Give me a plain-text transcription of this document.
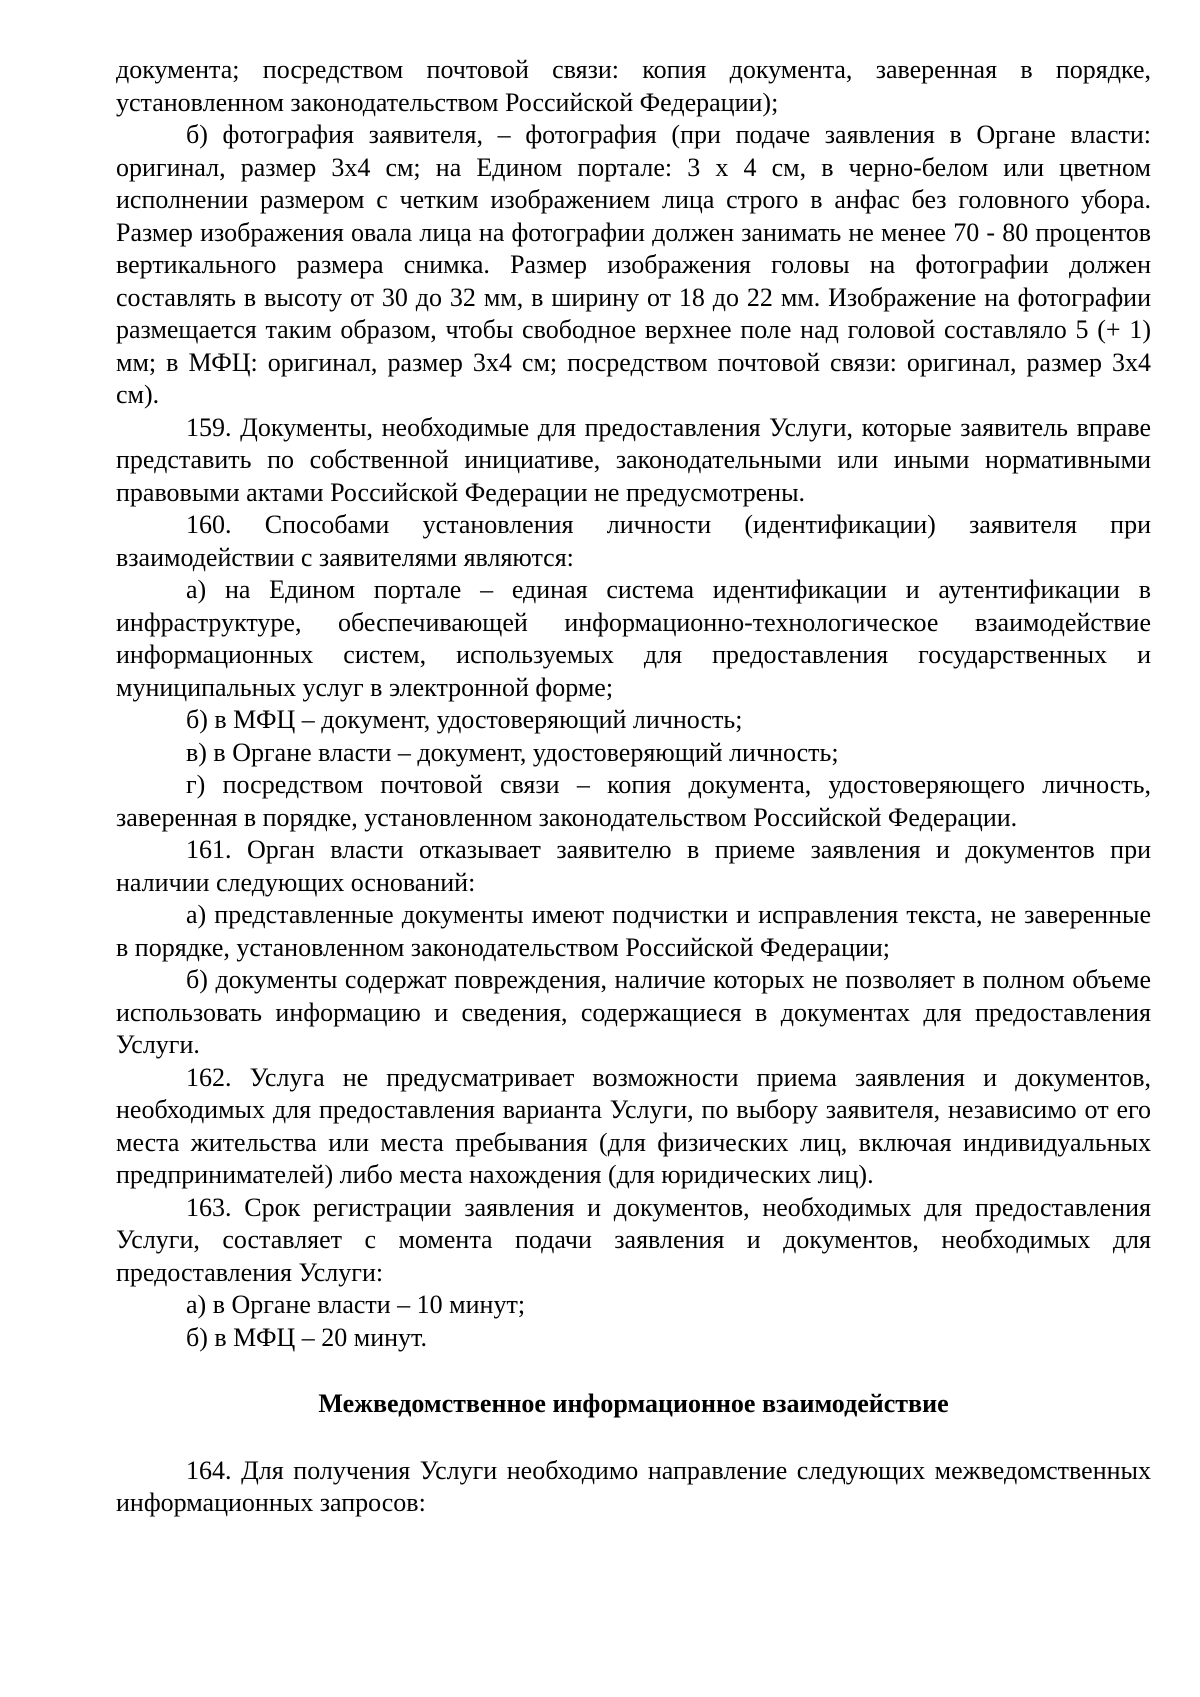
документа; посредством почтовой связи: копия документа, заверенная в порядке, установленном законодательством Российской Федерации);

б) фотография заявителя, – фотография (при подаче заявления в Органе власти: оригинал, размер 3х4 см; на Едином портале: 3 х 4 см, в черно-белом или цветном исполнении размером с четким изображением лица строго в анфас без головного убора. Размер изображения овала лица на фотографии должен занимать не менее 70 - 80 процентов вертикального размера снимка. Размер изображения головы на фотографии должен составлять в высоту от 30 до 32 мм, в ширину от 18 до 22 мм. Изображение на фотографии размещается таким образом, чтобы свободное верхнее поле над головой составляло 5 (+ 1) мм; в МФЦ: оригинал, размер 3х4 см; посредством почтовой связи: оригинал, размер 3х4 см).

159. Документы, необходимые для предоставления Услуги, которые заявитель вправе представить по собственной инициативе, законодательными или иными нормативными правовыми актами Российской Федерации не предусмотрены.

160. Способами установления личности (идентификации) заявителя при взаимодействии с заявителями являются:

а) на Едином портале – единая система идентификации и аутентификации в инфраструктуре, обеспечивающей информационно-технологическое взаимодействие информационных систем, используемых для предоставления государственных и муниципальных услуг в электронной форме;

б) в МФЦ – документ, удостоверяющий личность;

в) в Органе власти – документ, удостоверяющий личность;

г) посредством почтовой связи – копия документа, удостоверяющего личность, заверенная в порядке, установленном законодательством Российской Федерации.

161. Орган власти отказывает заявителю в приеме заявления и документов при наличии следующих оснований:

а) представленные документы имеют подчистки и исправления текста, не заверенные в порядке, установленном законодательством Российской Федерации;

б) документы содержат повреждения, наличие которых не позволяет в полном объеме использовать информацию и сведения, содержащиеся в документах для предоставления Услуги.

162. Услуга не предусматривает возможности приема заявления и документов, необходимых для предоставления варианта Услуги, по выбору заявителя, независимо от его места жительства или места пребывания (для физических лиц, включая индивидуальных предпринимателей) либо места нахождения (для юридических лиц).

163. Срок регистрации заявления и документов, необходимых для предоставления Услуги, составляет с момента подачи заявления и документов, необходимых для предоставления Услуги:

а) в Органе власти – 10 минут;

б) в МФЦ – 20 минут.

Межведомственное информационное взаимодействие

164. Для получения Услуги необходимо направление следующих межведомственных информационных запросов:
